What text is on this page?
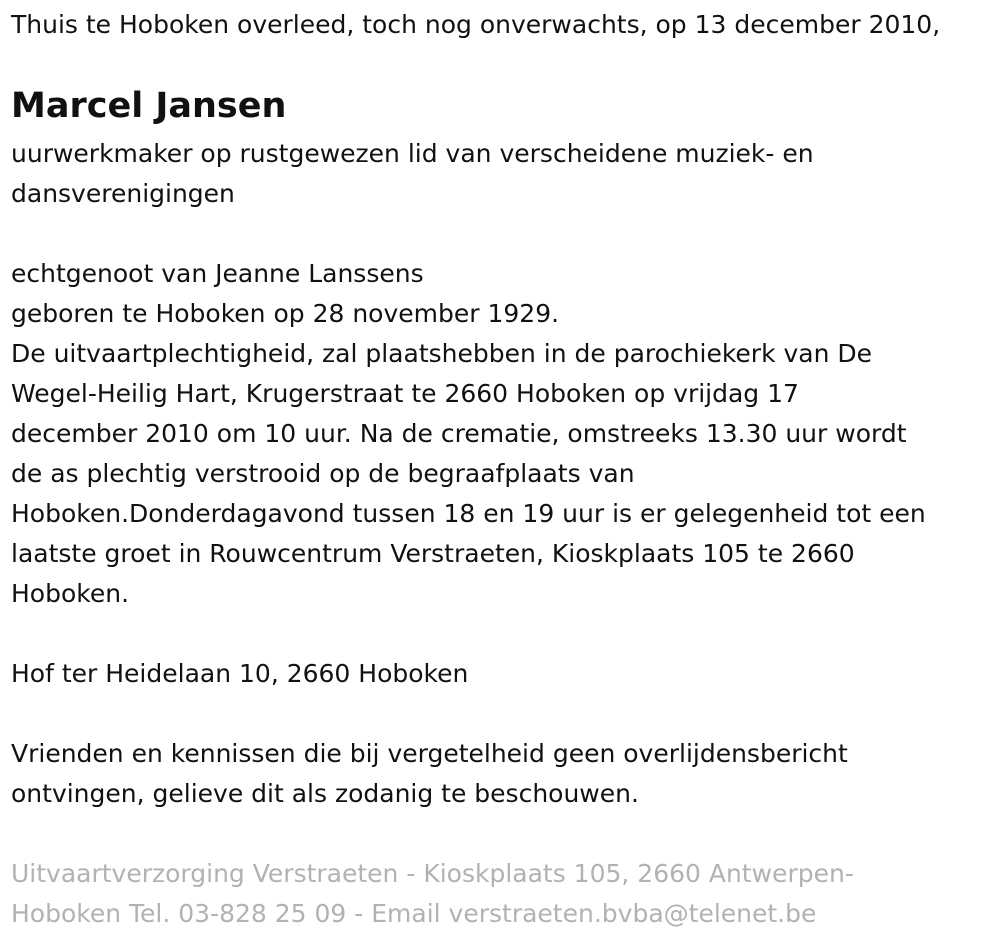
Thuis te Hoboken overleed, toch nog onverwachts, op 13 december 2010,

Marcel Jansen

uurwerkmaker op rustgewezen lid van verscheidene muziek- en

dansverenigingen

echtgenoot van Jeanne Lanssens

geboren te Hoboken op 28 november 1929.

De uitvaartplechtigheid, zal plaatshebben in de parochiekerk van De

Wegel-Heilig Hart, Krugerstraat te 2660 Hoboken op vrijdag 17

december 2010 om 10 uur. Na de crematie, omstreeks 13.30 uur wordt

de as plechtig verstrooid op de begraafplaats van

Hoboken.Donderdagavond tussen 18 en 19 uur is er gelegenheid tot een

laatste groet in Rouwcentrum Verstraeten, Kioskplaats 105 te 2660

Hoboken.

Hof ter Heidelaan 10, 2660 Hoboken

Vrienden en kennissen die bij vergetelheid geen overlijdensbericht

ontvingen, gelieve dit als zodanig te beschouwen.

Uitvaartverzorging Verstraeten - Kioskplaats 105, 2660 Antwerpen-

Hoboken Tel. 03-828 25 09 - Email verstraeten.bvba@telenet.be
